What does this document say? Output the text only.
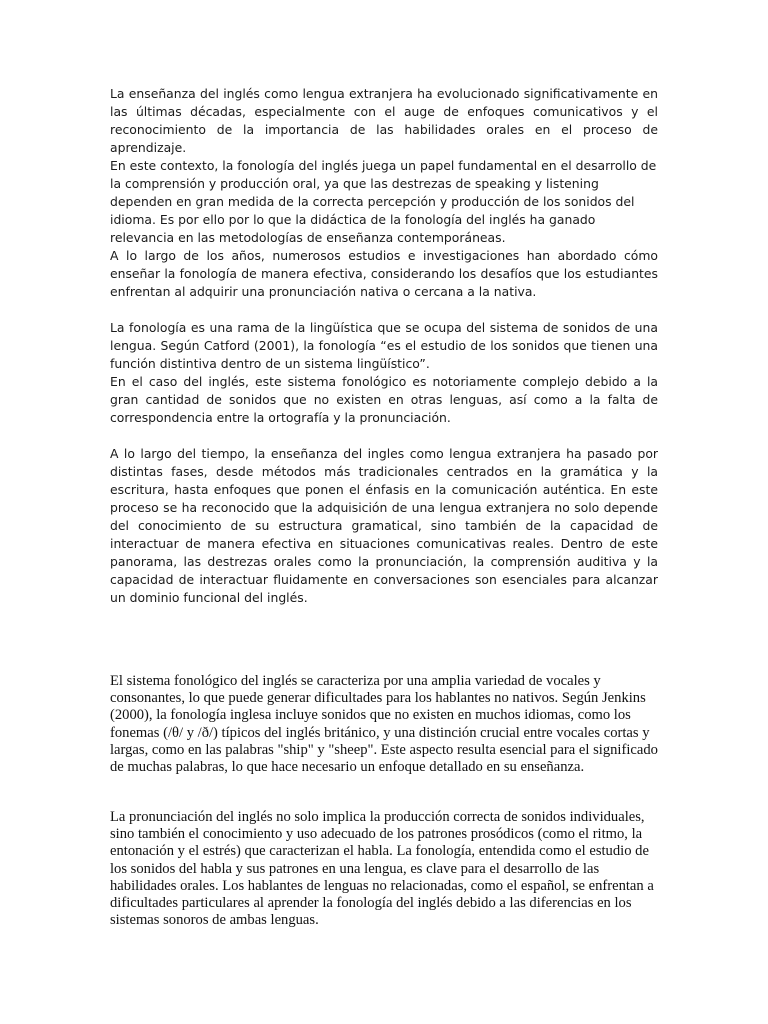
La enseñanza del inglés como lengua extranjera ha evolucionado significativamente en las últimas décadas, especialmente con el auge de enfoques comunicativos y el reconocimiento de la importancia de las habilidades orales en el proceso de aprendizaje.

En este contexto, la fonología del inglés juega un papel fundamental en el desarrollo de la comprensión y producción oral, ya que las destrezas de speaking y listening dependen en gran medida de la correcta percepción y producción de los sonidos del idioma. Es por ello por lo que la didáctica de la fonología del inglés ha ganado relevancia en las metodologías de enseñanza contemporáneas.

A lo largo de los años, numerosos estudios e investigaciones han abordado cómo enseñar la fonología de manera efectiva, considerando los desafíos que los estudiantes enfrentan al adquirir una pronunciación nativa o cercana a la nativa.

La fonología es una rama de la lingüística que se ocupa del sistema de sonidos de una lengua. Según Catford (2001), la fonología “es el estudio de los sonidos que tienen una función distintiva dentro de un sistema lingüístico”.

En el caso del inglés, este sistema fonológico es notoriamente complejo debido a la gran cantidad de sonidos que no existen en otras lenguas, así como a la falta de correspondencia entre la ortografía y la pronunciación.

A lo largo del tiempo, la enseñanza del ingles como lengua extranjera ha pasado por distintas fases, desde métodos más tradicionales centrados en la gramática y la escritura, hasta enfoques que ponen el énfasis en la comunicación auténtica. En este proceso se ha reconocido que la adquisición de una lengua extranjera no solo depende del conocimiento de su estructura gramatical, sino también de la capacidad de interactuar de manera efectiva en situaciones comunicativas reales. Dentro de este panorama, las destrezas orales como la pronunciación, la comprensión auditiva y la capacidad de interactuar fluidamente en conversaciones son esenciales para alcanzar un dominio funcional del inglés.

El sistema fonológico del inglés se caracteriza por una amplia variedad de vocales y consonantes, lo que puede generar dificultades para los hablantes no nativos. Según Jenkins (2000), la fonología inglesa incluye sonidos que no existen en muchos idiomas, como los fonemas (/θ/ y /ð/) típicos del inglés británico, y una distinción crucial entre vocales cortas y largas, como en las palabras "ship" y "sheep". Este aspecto resulta esencial para el significado de muchas palabras, lo que hace necesario un enfoque detallado en su enseñanza.

La pronunciación del inglés no solo implica la producción correcta de sonidos individuales, sino también el conocimiento y uso adecuado de los patrones prosódicos (como el ritmo, la entonación y el estrés) que caracterizan el habla. La fonología, entendida como el estudio de los sonidos del habla y sus patrones en una lengua, es clave para el desarrollo de las habilidades orales. Los hablantes de lenguas no relacionadas, como el español, se enfrentan a dificultades particulares al aprender la fonología del inglés debido a las diferencias en los sistemas sonoros de ambas lenguas.
